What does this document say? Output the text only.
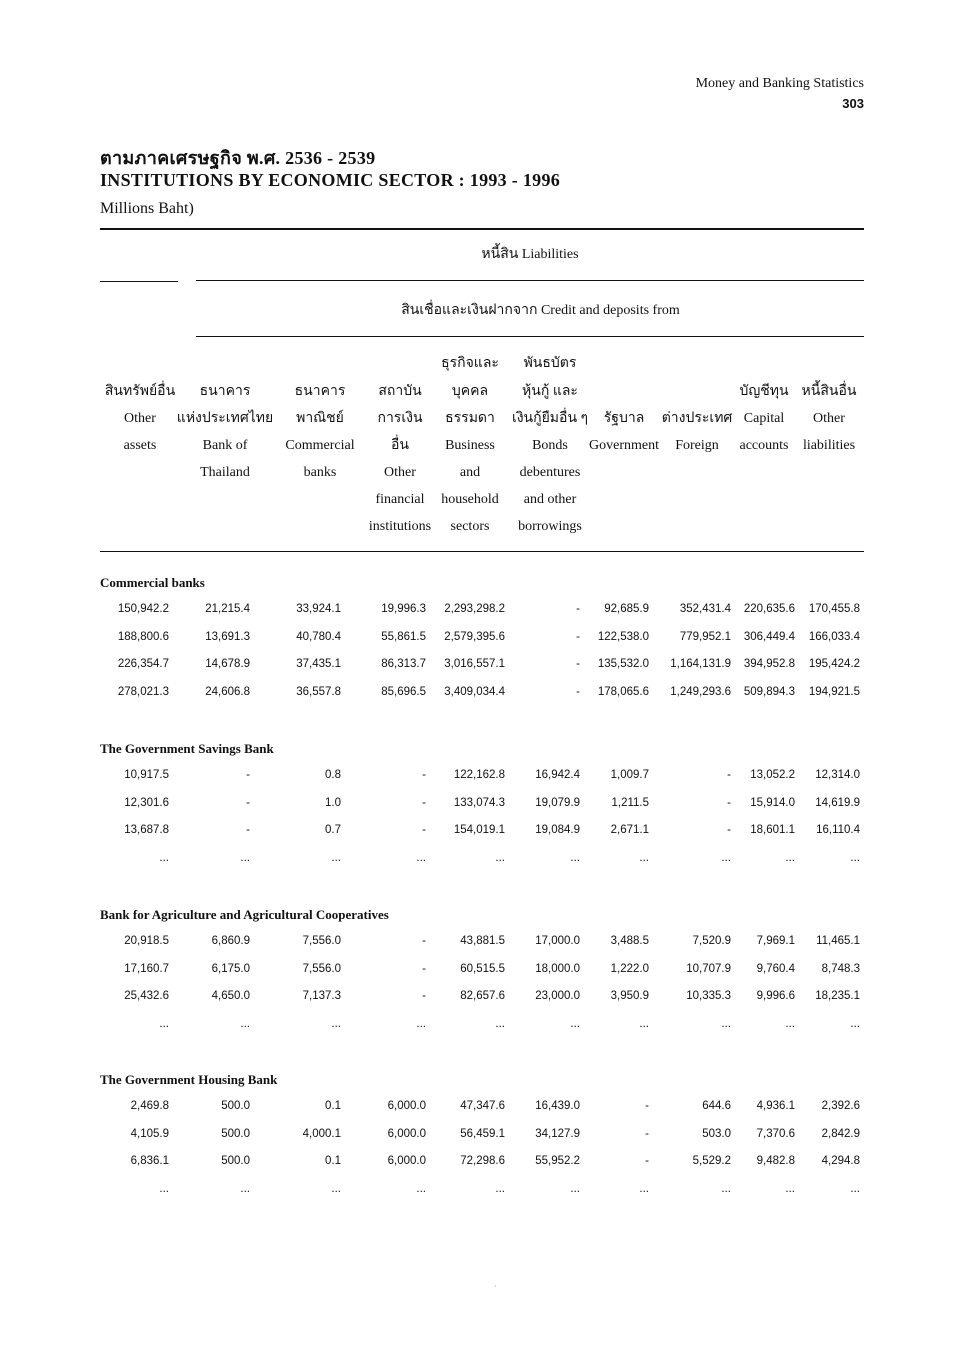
Money and Banking Statistics
303
ตามภาคเศรษฐกิจ พ.ศ. 2536 - 2539
INSTITUTIONS BY ECONOMIC SECTOR : 1993 - 1996
Millions Baht)
หนี้สิน Liabilities
สินเชื่อและเงินฝากจาก Credit and deposits from
สินทรัพย์อื่น
Other
assets
ธนาคาร
แห่งประเทศไทย
Bank of
Thailand
ธนาคาร
พาณิชย์
Commercial
banks
สถาบัน
การเงิน
อื่น
Other
financial
institutions
ธุรกิจและ
บุคคล
ธรรมดา
Business
and
household
sectors
พันธบัตร
หุ้นกู้ และ
เงินกู้ยืมอื่น ๆ
Bonds
debentures
and other
borrowings
รัฐบาล
Government
ต่างประเทศ
Foreign
บัญชีทุน
Capital
accounts
หนี้สินอื่น
Other
liabilities
Commercial banks
150,942.2	21,215.4	33,924.1	19,996.3	2,293,298.2	-	92,685.9	352,431.4	220,635.6	170,455.8
188,800.6	13,691.3	40,780.4	55,861.5	2,579,395.6	-	122,538.0	779,952.1	306,449.4	166,033.4
226,354.7	14,678.9	37,435.1	86,313.7	3,016,557.1	-	135,532.0	1,164,131.9	394,952.8	195,424.2
278,021.3	24,606.8	36,557.8	85,696.5	3,409,034.4	-	178,065.6	1,249,293.6	509,894.3	194,921.5
The Government Savings Bank
10,917.5	-	0.8	-	122,162.8	16,942.4	1,009.7	-	13,052.2	12,314.0
12,301.6	-	1.0	-	133,074.3	19,079.9	1,211.5	-	15,914.0	14,619.9
13,687.8	-	0.7	-	154,019.1	19,084.9	2,671.1	-	18,601.1	16,110.4
...	...	...	...	...	...	...	...	...	...
Bank for Agriculture and Agricultural Cooperatives
20,918.5	6,860.9	7,556.0	-	43,881.5	17,000.0	3,488.5	7,520.9	7,969.1	11,465.1
17,160.7	6,175.0	7,556.0	-	60,515.5	18,000.0	1,222.0	10,707.9	9,760.4	8,748.3
25,432.6	4,650.0	7,137.3	-	82,657.6	23,000.0	3,950.9	10,335.3	9,996.6	18,235.1
...	...	...	...	...	...	...	...	...	...
The Government Housing Bank
2,469.8	500.0	0.1	6,000.0	47,347.6	16,439.0	-	644.6	4,936.1	2,392.6
4,105.9	500.0	4,000.1	6,000.0	56,459.1	34,127.9	-	503.0	7,370.6	2,842.9
6,836.1	500.0	0.1	6,000.0	72,298.6	55,952.2	-	5,529.2	9,482.8	4,294.8
...	...	...	...	...	...	...	...	...	...
·
